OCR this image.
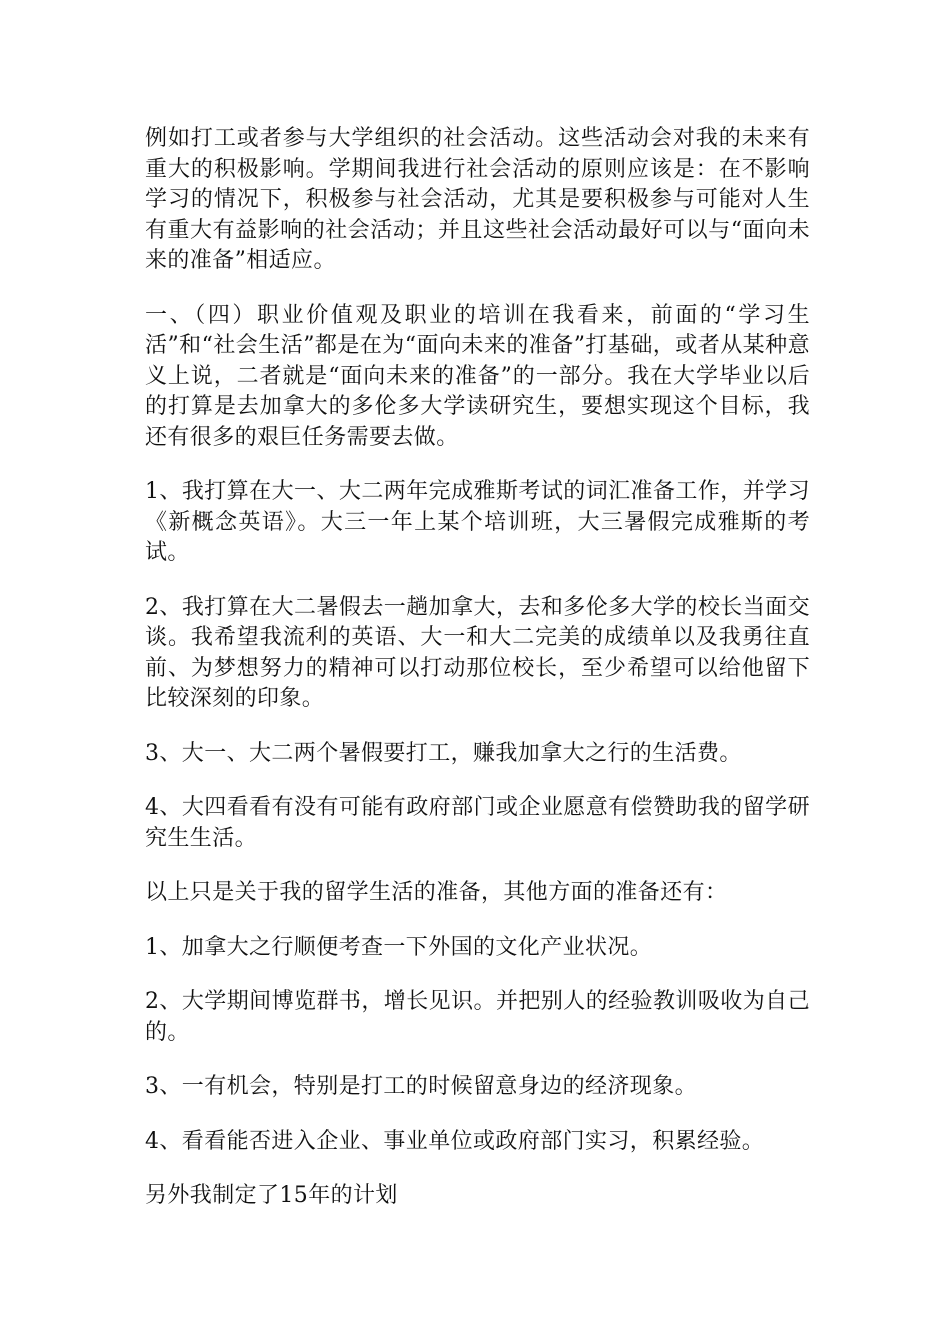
例如打工或者参与大学组织的社会活动。这些活动会对我的未来有重大的积极影响。学期间我进行社会活动的原则应该是：在不影响学习的情况下，积极参与社会活动，尤其是要积极参与可能对人生有重大有益影响的社会活动；并且这些社会活动最好可以与“面向未来的准备”相适应。

一、（四）职业价值观及职业的培训在我看来，前面的“学习生活”和“社会生活”都是在为“面向未来的准备”打基础，或者从某种意义上说，二者就是“面向未来的准备”的一部分。我在大学毕业以后的打算是去加拿大的多伦多大学读研究生，要想实现这个目标，我还有很多的艰巨任务需要去做。

1、我打算在大一、大二两年完成雅斯考试的词汇准备工作，并学习《新概念英语》。大三一年上某个培训班，大三暑假完成雅斯的考试。

2、我打算在大二暑假去一趟加拿大，去和多伦多大学的校长当面交谈。我希望我流利的英语、大一和大二完美的成绩单以及我勇往直前、为梦想努力的精神可以打动那位校长，至少希望可以给他留下比较深刻的印象。

3、大一、大二两个暑假要打工，赚我加拿大之行的生活费。

4、大四看看有没有可能有政府部门或企业愿意有偿赞助我的留学研究生生活。

以上只是关于我的留学生活的准备，其他方面的准备还有：

1、加拿大之行顺便考查一下外国的文化产业状况。

2、大学期间博览群书，增长见识。并把别人的经验教训吸收为自己的。

3、一有机会，特别是打工的时候留意身边的经济现象。

4、看看能否进入企业、事业单位或政府部门实习，积累经验。

另外我制定了15年的计划
